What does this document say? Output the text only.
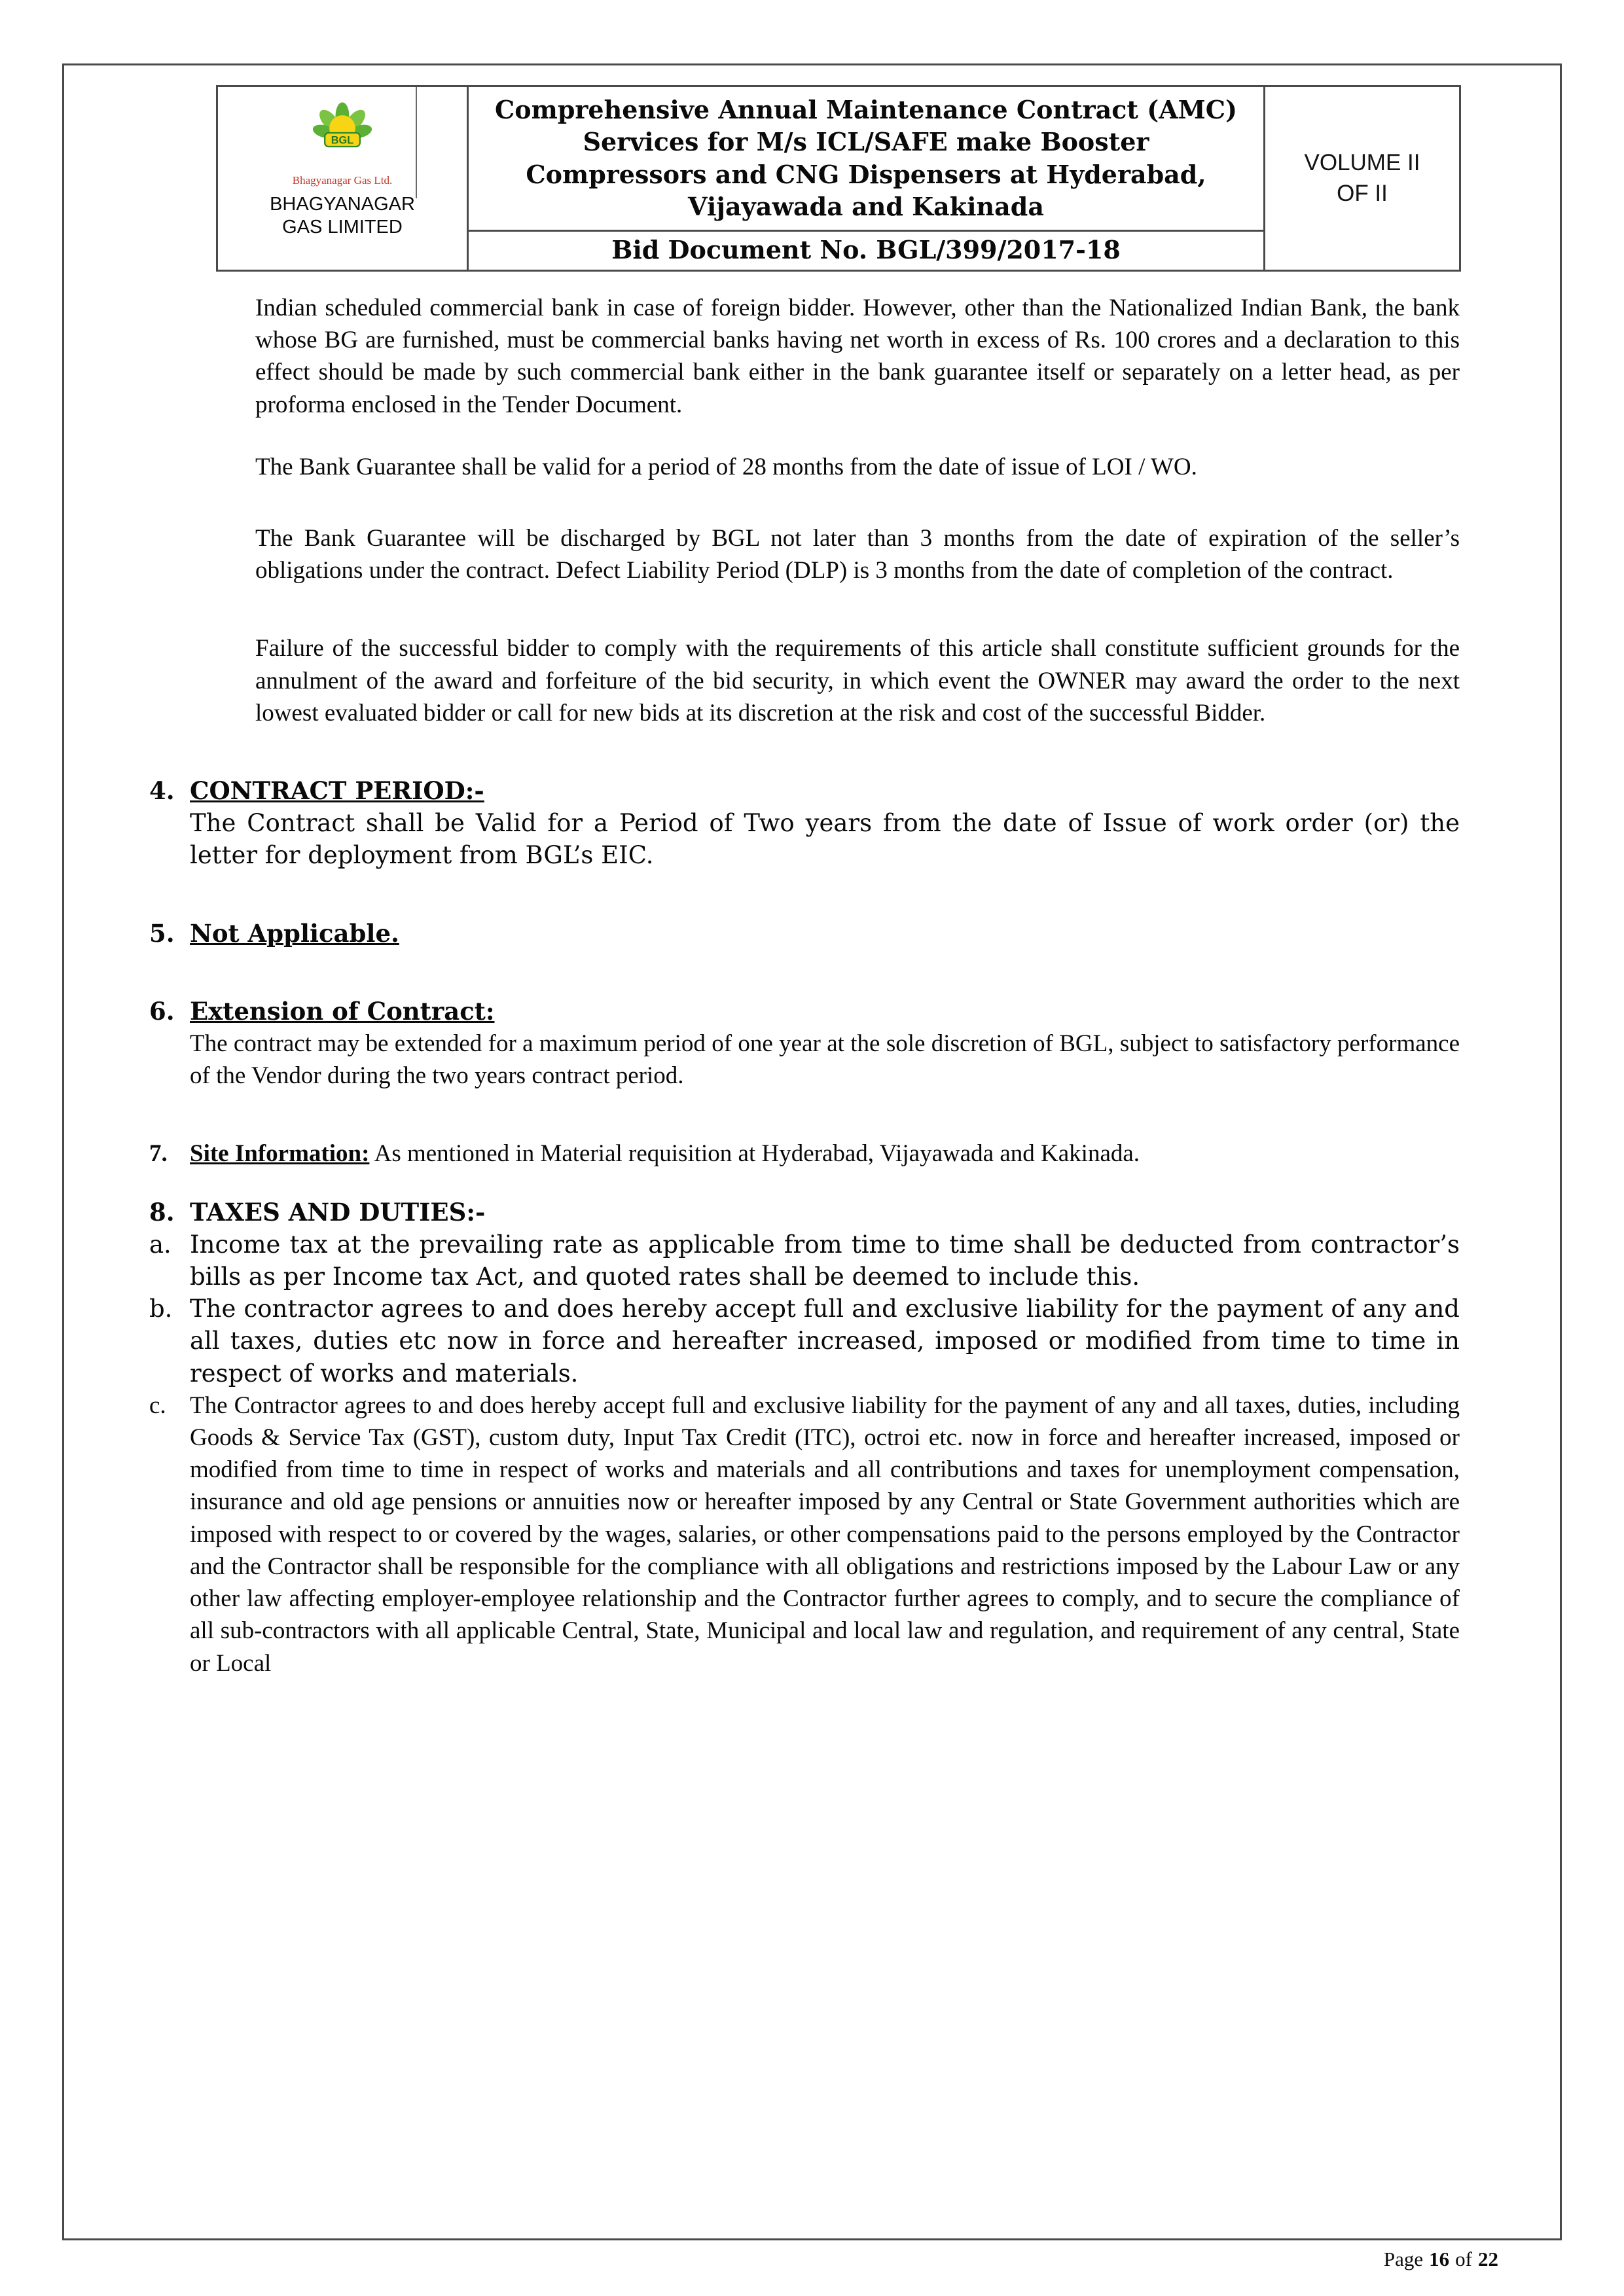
BGL
Bhagyanagar Gas Ltd.
BHAGYANAGAR GAS LIMITED
Comprehensive Annual Maintenance Contract (AMC) Services for M/s ICL/SAFE make Booster Compressors and CNG Dispensers at Hyderabad, Vijayawada and Kakinada
Bid Document No. BGL/399/2017-18
VOLUME II
OF II

Indian scheduled commercial bank in case of foreign bidder. However, other than the Nationalized Indian Bank, the bank whose BG are furnished, must be commercial banks having net worth in excess of Rs. 100 crores and a declaration to this effect should be made by such commercial bank either in the bank guarantee itself or separately on a letter head, as per proforma enclosed in the Tender Document.

The Bank Guarantee shall be valid for a period of 28 months from the date of issue of LOI / WO.

The Bank Guarantee will be discharged by BGL not later than 3 months from the date of expiration of the seller’s obligations under the contract. Defect Liability Period (DLP) is 3 months from the date of completion of the contract.

Failure of the successful bidder to comply with the requirements of this article shall constitute sufficient grounds for the annulment of the award and forfeiture of the bid security, in which event the OWNER may award the order to the next lowest evaluated bidder or call for new bids at its discretion at the risk and cost of the successful Bidder.

4. CONTRACT PERIOD:-

The Contract shall be Valid for a Period of Two years from the date of Issue of work order (or) the letter for deployment from BGL’s EIC.

5. Not Applicable.
6. Extension of Contract:

The contract may be extended for a maximum period of one year at the sole discretion of BGL, subject to satisfactory performance of the Vendor during the two years contract period.

7. Site Information: As mentioned in Material requisition at Hyderabad, Vijayawada and Kakinada.
8. TAXES AND DUTIES:-
a. Income tax at the prevailing rate as applicable from time to time shall be deducted from contractor’s bills as per Income tax Act, and quoted rates shall be deemed to include this.
b. The contractor agrees to and does hereby accept full and exclusive liability for the payment of any and all taxes, duties etc now in force and hereafter increased, imposed or modified from time to time in respect of works and materials.
c. The Contractor agrees to and does hereby accept full and exclusive liability for the payment of any and all taxes, duties, including Goods & Service Tax (GST), custom duty, Input Tax Credit (ITC), octroi etc. now in force and hereafter increased, imposed or modified from time to time in respect of works and materials and all contributions and taxes for unemployment compensation, insurance and old age pensions or annuities now or hereafter imposed by any Central or State Government authorities which are imposed with respect to or covered by the wages, salaries, or other compensations paid to the persons employed by the Contractor and the Contractor shall be responsible for the compliance with all obligations and restrictions imposed by the Labour Law or any other law affecting employer-employee relationship and the Contractor further agrees to comply, and to secure the compliance of all sub-contractors with all applicable Central, State, Municipal and local law and regulation, and requirement of any central, State or Local
Page 16 of 22
